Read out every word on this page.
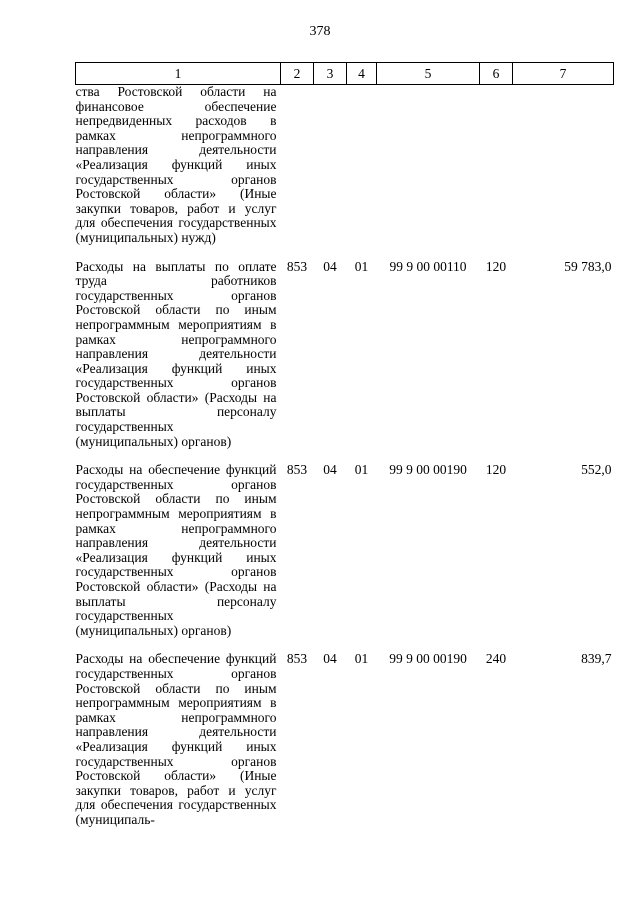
378
1	2	3	4	5	6	7
ства Ростовской области на финансовое обеспечение непредвиденных расходов в рамках непрограммного направления деятельности «Реализация функций иных государственных органов Ростовской области» (Иные закупки товаров, работ и услуг для обеспечения государственных (муниципальных) нужд)						
Расходы на выплаты по оплате труда работников государственных органов Ростовской области по иным непрограммным мероприятиям в рамках непрограммного направления деятельности «Реализация функций иных государственных органов Ростовской области» (Расходы на выплаты персоналу государственных (муниципальных) органов)	853	04	01	99 9 00 00110	120	59 783,0
Расходы на обеспечение функций государственных органов Ростовской области по иным непрограммным мероприятиям в рамках непрограммного направления деятельности «Реализация функций иных государственных органов Ростовской области» (Расходы на выплаты персоналу государственных (муниципальных) органов)	853	04	01	99 9 00 00190	120	552,0
Расходы на обеспечение функций государственных органов Ростовской области по иным непрограммным мероприятиям в рамках непрограммного направления деятельности «Реализация функций иных государственных органов Ростовской области» (Иные закупки товаров, работ и услуг для обеспечения государственных (муниципаль-	853	04	01	99 9 00 00190	240	839,7
